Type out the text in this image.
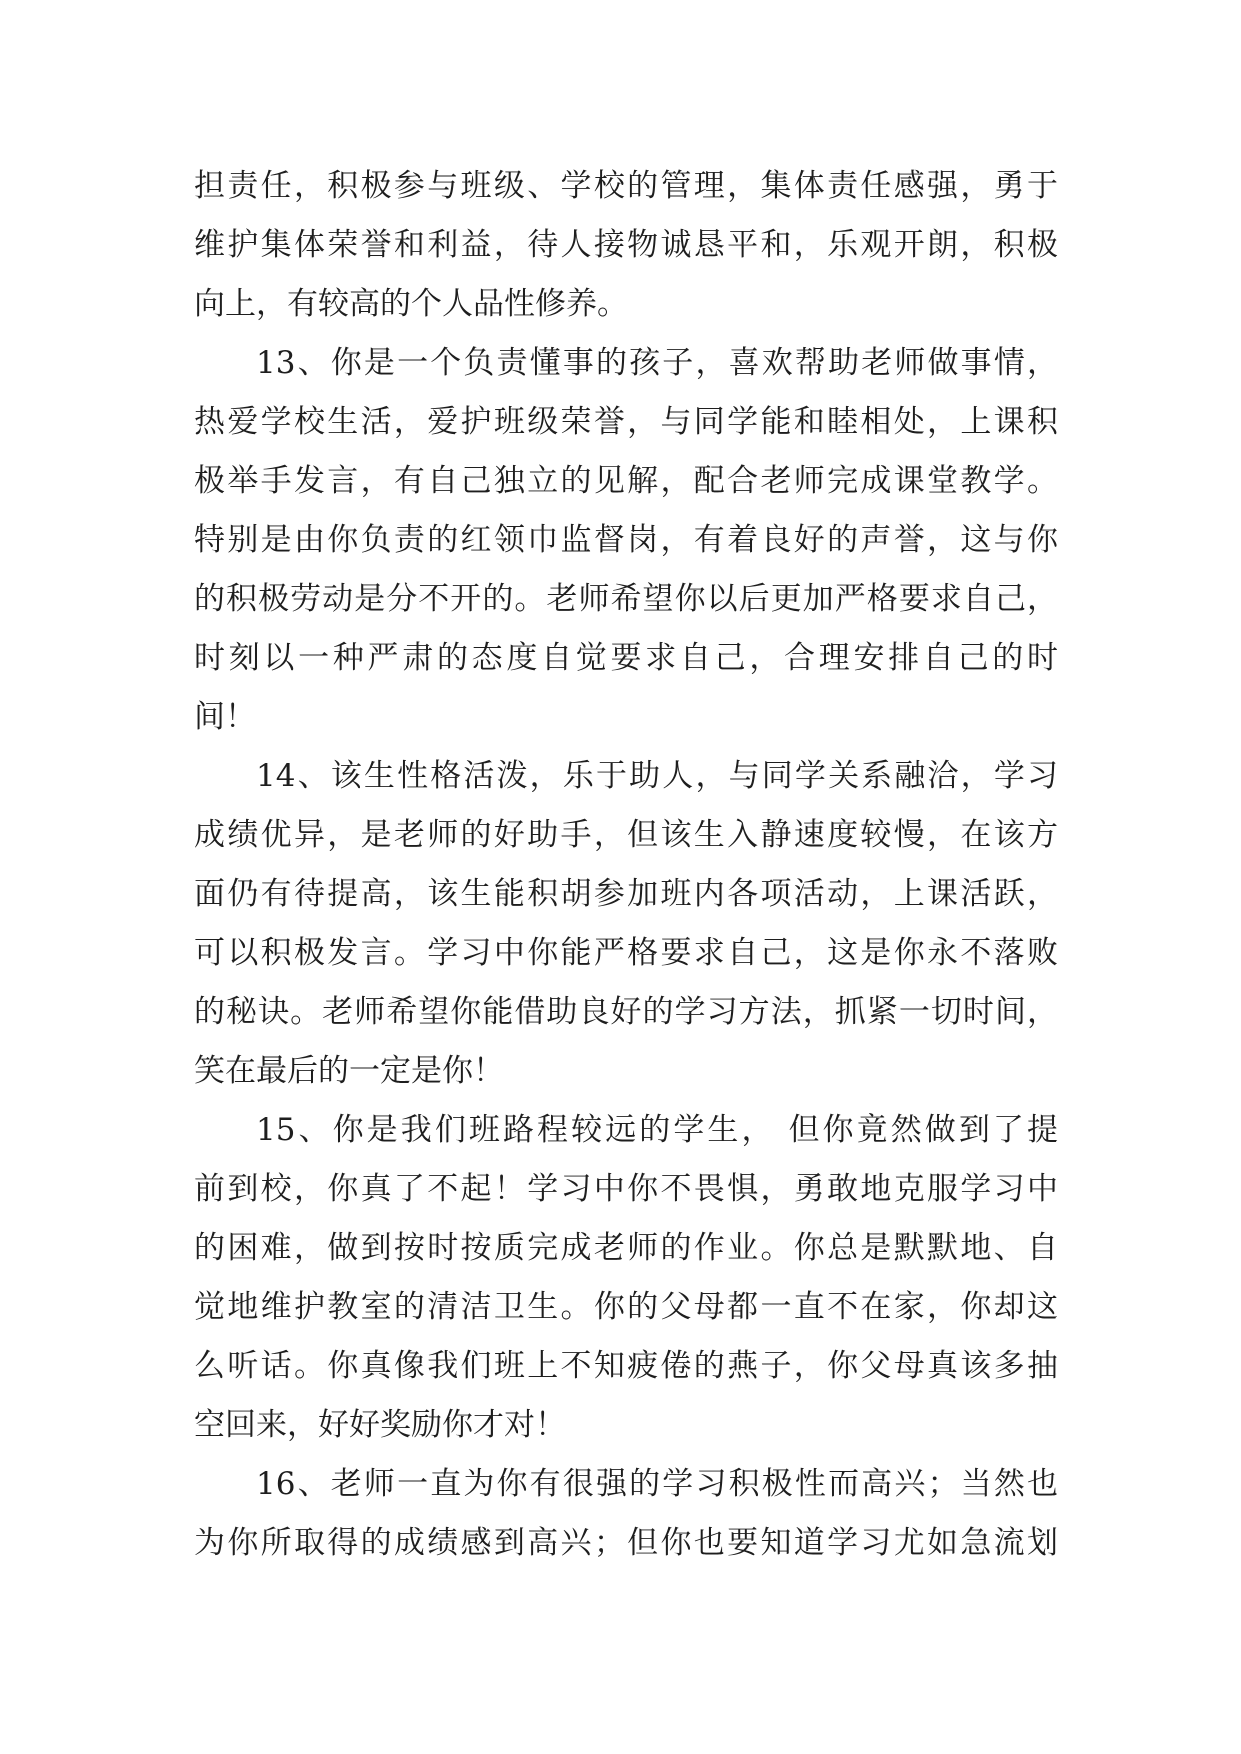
担责任，积极参与班级、学校的管理，集体责任感强，勇于
维护集体荣誉和利益，待人接物诚恳平和，乐观开朗，积极
向上，有较高的个人品性修养。
13、你是一个负责懂事的孩子，喜欢帮助老师做事情，
热爱学校生活，爱护班级荣誉，与同学能和睦相处，上课积
极举手发言，有自己独立的见解，配合老师完成课堂教学。
特别是由你负责的红领巾监督岗，有着良好的声誉，这与你
的积极劳动是分不开的。老师希望你以后更加严格要求自己，
时刻以一种严肃的态度自觉要求自己，合理安排自己的时
间！
14、该生性格活泼，乐于助人，与同学关系融洽，学习
成绩优异，是老师的好助手，但该生入静速度较慢，在该方
面仍有待提高，该生能积胡参加班内各项活动，上课活跃，
可以积极发言。学习中你能严格要求自己，这是你永不落败
的秘诀。老师希望你能借助良好的学习方法，抓紧一切时间，
笑在最后的一定是你！
15、你是我们班路程较远的学生， 但你竟然做到了提
前到校，你真了不起！学习中你不畏惧，勇敢地克服学习中
的困难，做到按时按质完成老师的作业。你总是默默地、自
觉地维护教室的清洁卫生。你的父母都一直不在家，你却这
么听话。你真像我们班上不知疲倦的燕子，你父母真该多抽
空回来，好好奖励你才对！
16、老师一直为你有很强的学习积极性而高兴；当然也
为你所取得的成绩感到高兴；但你也要知道学习尤如急流划
